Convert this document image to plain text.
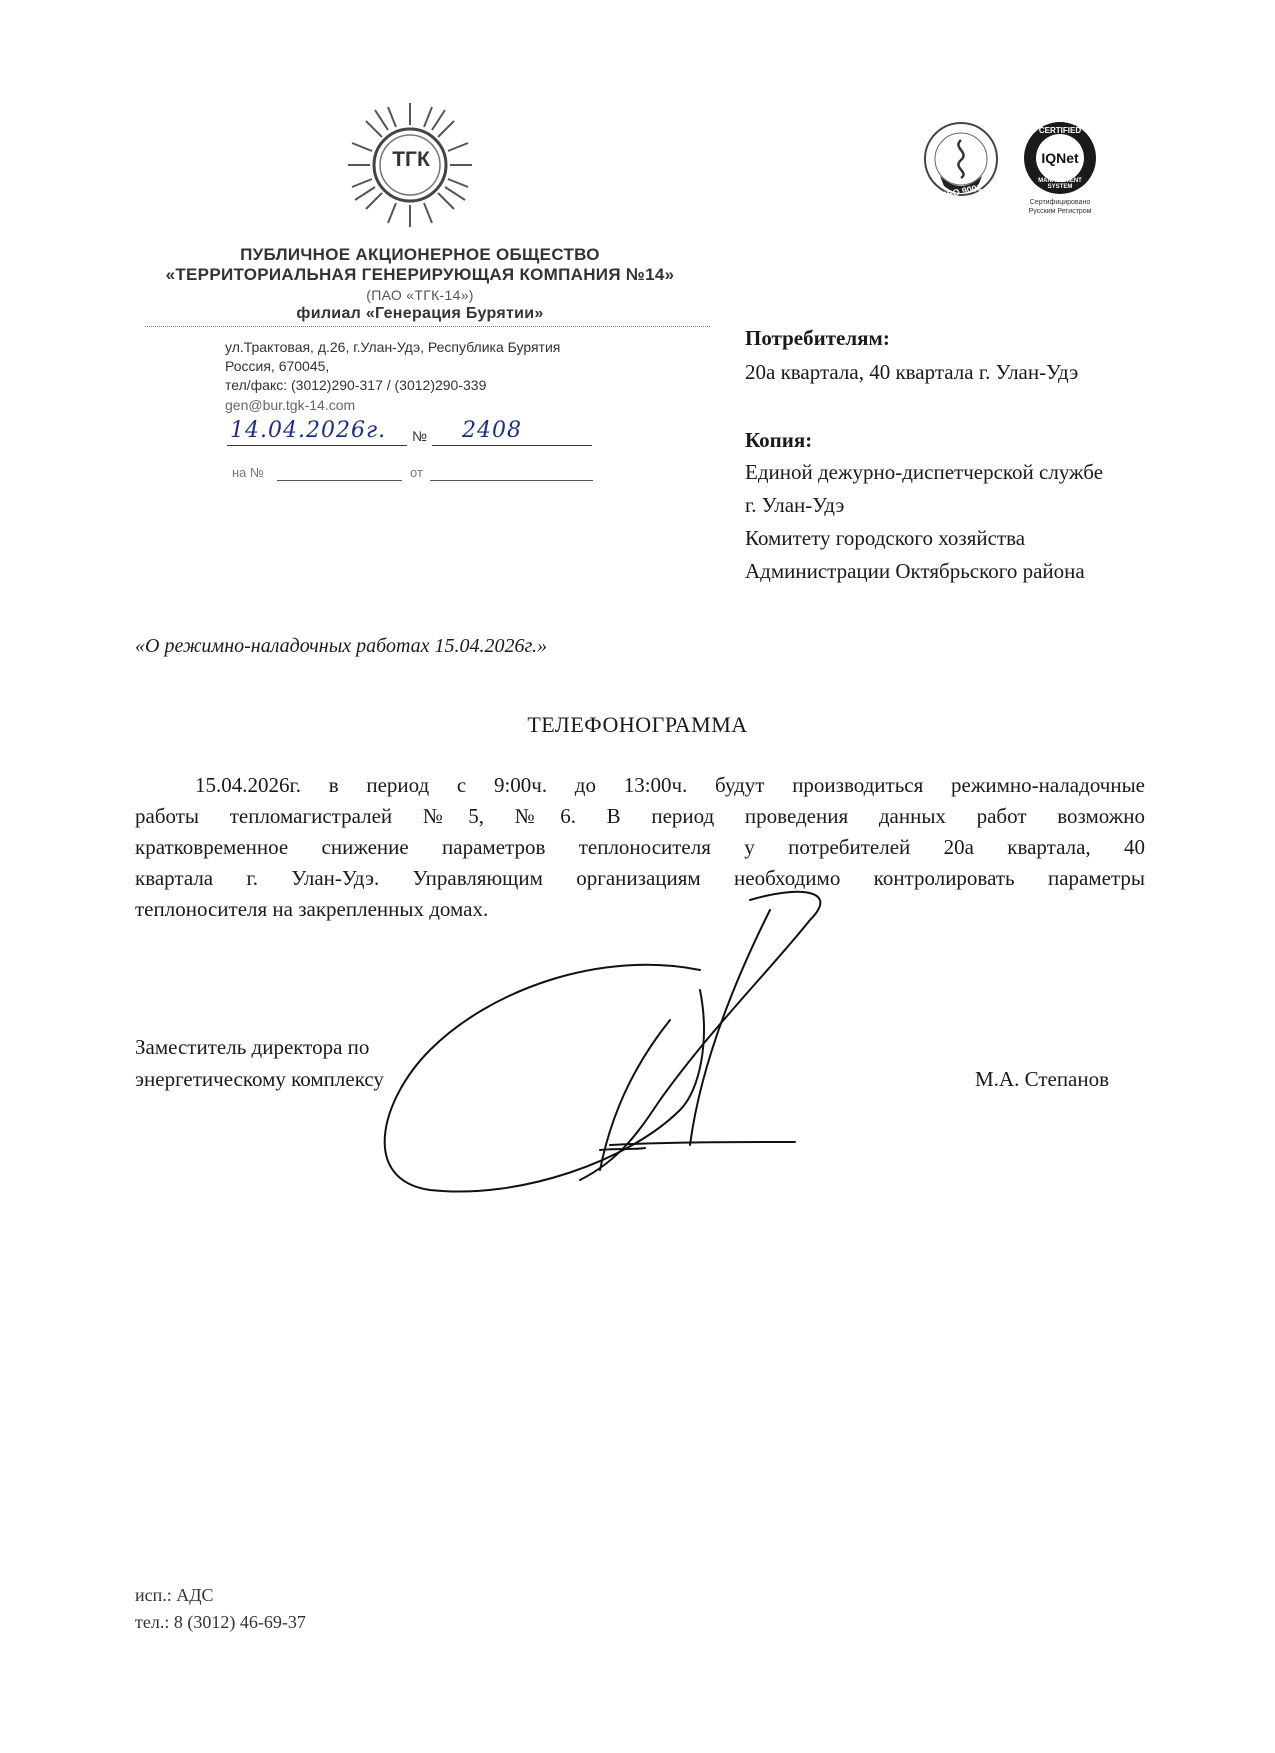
ТГК
ISO 9001
CERTIFIED
IQNet
MANAGEMENT SYSTEM
Сертифицировано
Русским Регистром
ПУБЛИЧНОЕ АКЦИОНЕРНОЕ ОБЩЕСТВО
«ТЕРРИТОРИАЛЬНАЯ ГЕНЕРИРУЮЩАЯ КОМПАНИЯ №14»
(ПАО «ТГК-14»)
филиал «Генерация Бурятии»
ул.Трактовая, д.26, г.Улан-Удэ, Республика Бурятия
Россия, 670045,
тел/факс: (3012)290-317 / (3012)290-339
gen@bur.tgk-14.com
14.04.2026г. № 2408
на №	от
Потребителям:
20а квартала, 40 квартала г. Улан-Удэ
Копия:
Единой дежурно-диспетчерской службе
г. Улан-Удэ
Комитету городского хозяйства
Администрации Октябрьского района
«О режимно-наладочных работах 15.04.2026г.»
ТЕЛЕФОНОГРАММА
15.04.2026г. в период с 9:00ч. до 13:00ч. будут производиться режимно-наладочные
работы тепломагистралей №5, №6. В период проведения данных работ возможно
кратковременное снижение параметров теплоносителя у потребителей 20а квартала, 40
квартала г. Улан-Удэ. Управляющим организациям необходимо контролировать параметры
теплоносителя на закрепленных домах.
Заместитель директора по
энергетическому комплексу	М.А. Степанов
исп.: АДС
тел.: 8 (3012) 46-69-37
